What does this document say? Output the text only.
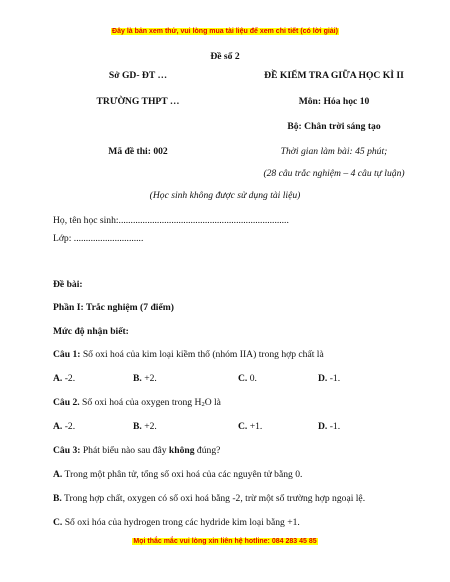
Đây là bản xem thử, vui lòng mua tài liệu để xem chi tiết (có lời giải)
Đề số 2
Sở GD- ĐT …	ĐỀ KIỂM TRA GIỮA HỌC KÌ II
TRƯỜNG THPT …	Môn: Hóa học 10
Bộ: Chân trời sáng tạo
Mã đề thi: 002	Thời gian làm bài: 45 phút;
(28 câu trắc nghiệm – 4 câu tự luận)
(Học sinh không được sử dụng tài liệu)
Họ, tên học sinh:.......................................................................
Lớp: .............................
Đề bài:
Phần I: Trắc nghiệm (7 điểm)
Mức độ nhận biết:
Câu 1: Số oxi hoá của kim loại kiềm thổ (nhóm IIA) trong hợp chất là
A. -2.	B. +2.	C. 0.	D. -1.
Câu 2. Số oxi hoá của oxygen trong $H_2O$ là
A. -2.	B. +2.	C. +1.	D. -1.
Câu 3: Phát biểu nào sau đây không đúng?
A. Trong một phân tử, tổng số oxi hoá của các nguyên tử bằng 0.
B. Trong hợp chất, oxygen có số oxi hoá bằng -2, trừ một số trường hợp ngoại lệ.
C. Số oxi hóa của hydrogen trong các hydride kim loại bằng +1.
Mọi thắc mắc vui lòng xin liên hệ hotline: 084 283 45 85
